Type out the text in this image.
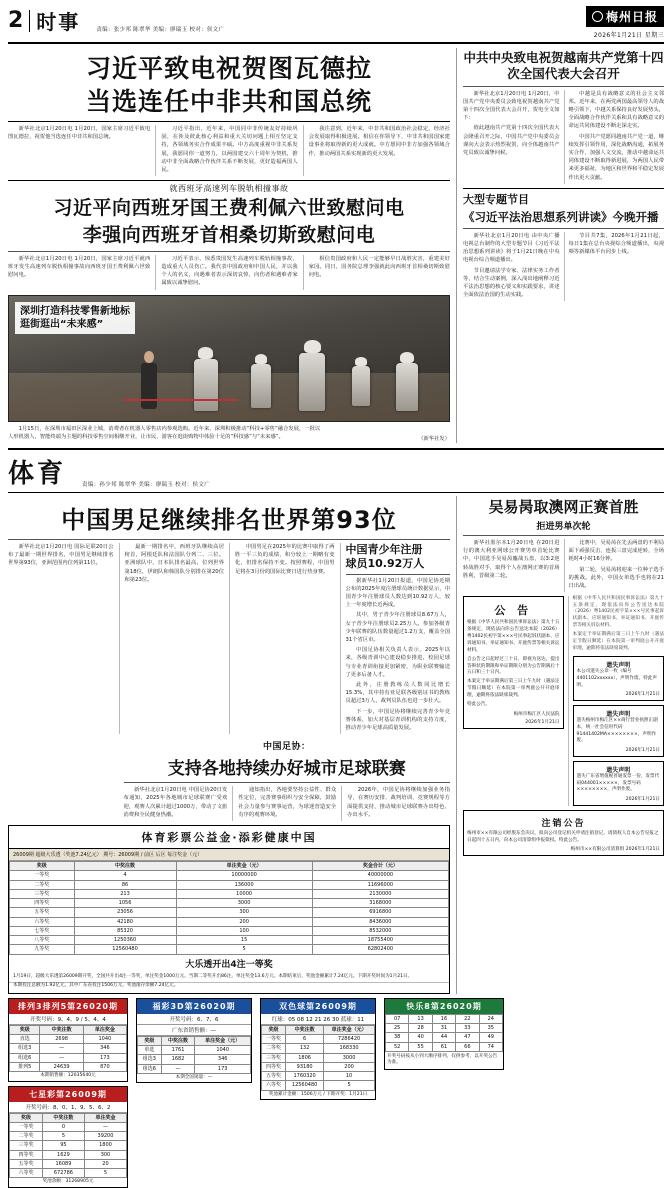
2 时事	责编：张少邦 陈翠华 美编：廖瑞玉 校对：侯文广
梅州日报
2026年1月21日 星期三
习近平致电祝贺图瓦德拉
当选连任中非共和国总统

新华社北京1月20日电 1月20日，国家主席习近平致电图瓦德拉，祝贺他当选连任中非共和国总统。

习近平指出，近年来，中国同中非传统友好持续巩固，在涉及彼此核心利益和重大关切问题上相互坚定支持，各领域务实合作成果丰硕。中方高度重视中非关系发展，我愿同你一道努力，以两国建交六十周年为契机，推动中非全面战略合作伙伴关系不断发展，更好造福两国人民。

我注意到，近年来，中非共和国政治社会稳定，经济社会发展取得积极进展。相信在你领导下，中非共和国国家建设事业将取得新的更大成就。中方愿同中非方加强各领域合作，推动两国关系实现新的更大发展。

就西班牙高速列车脱轨相撞事故
习近平向西班牙国王费利佩六世致慰问电
李强向西班牙首相桑切斯致慰问电

新华社北京1月20日电 1月20日，国家主席习近平就西班牙发生高速列车脱轨相撞事故向西班牙国王费利佩六世致慰问电。

习近平表示，惊悉贵国发生高速列车脱轨相撞事故，造成重大人员伤亡。我代表中国政府和中国人民，并以我个人的名义，向遇难者表示深切哀悼，向伤者和遇难者家属致以诚挚慰问。

相信贵国政府和人民一定能够早日战胜灾害，重建美好家园。同日，国务院总理李强就此向西班牙首相桑切斯致慰问电。

深圳打造科技零售新地标
逛街逛出“未来感”

1月15日，在深圳市福田区深业上城，消费者在机器人零售店内参观选购。近年来，深圳积极推动“科技+零售”融合发展，一批以人形机器人、智能终端为主题的科技零售空间相继开业，让市民、游客在逛街购物中体验十足的“科技感”与“未来感”。	（新华社发）
中共中央致电祝贺越南共产党第十四次全国代表大会召开

新华社北京1月20日电 1月20日，中国共产党中央委员会致电祝贺越南共产党第十四次全国代表大会召开，贺电全文如下：

值此越南共产党第十四次全国代表大会隆重召开之际，中国共产党中央委员会谨向大会表示热烈祝贺，向全体越南共产党员致以诚挚问候。

中越是具有战略意义的社会主义邻邦。近年来，在两党两国最高领导人的战略引领下，中越关系保持良好发展势头，全面战略合作伙伴关系和具有战略意义的命运共同体建设不断走深走实。

中国共产党愿同越南共产党一道，继续发挥引领作用，深化战略沟通，拓展务实合作，加强人文交流，推动中越命运共同体建设不断取得新进展，为两国人民带来更多福祉，为地区和世界和平稳定发展作出更大贡献。

大型专题节目
《习近平法治思想系列讲读》今晚开播

新华社北京1月20日电 由中央广播电视总台制作的大型专题节目《习近平法治思想系列讲读》将于1月21日晚在中央电视台综合频道播出。

节目邀请法学专家、法律实务工作者等，结合生动案例，深入浅出地阐释习近平法治思想的核心要义和实践要求，讲述全面依法治国的生动实践。

节目共7集，2026年1月21日起，每日1集在总台央视综合频道播出，央视频等新媒体平台同步上线。

体育	责编：孙少邦 陈翠华 美编：廖瑞玉 校对：侯文广
中国男足继续排名世界第93位

新华社北京1月20日电 国际足联20日公布了最新一期世界排名，中国男足继续排名世界第93位，亚洲范围内位列第11位。

最新一期排名中，西班牙队继续高居榜首，阿根廷队和法国队分列二、三位。亚洲球队中，日本队排名最高，位列世界第18位，伊朗队和韩国队分别排在第20位和第23位。

中国男足在2025年的比赛中取得了两胜一平三负的成绩，积分较上一期略有变化，但排名保持不变。按照赛程，中国男足将在3月份的国际比赛日进行热身赛。

中国青少年注册
球员10.92万人

据新华社1月20日报道，中国足协近期公布的2025年度注册球员统计数据显示，中国青少年注册球员人数达到10.92万人，较上一年度增长近两成。

其中，男子青少年注册球员8.67万人，女子青少年注册球员2.25万人。参加各级青少年联赛的队伍数量超过1.2万支，覆盖全国31个省区市。

中国足协相关负责人表示，2025年以来，各级青训中心建设稳步推进，校园足球与专业青训衔接更加紧密，为职业联赛输送了更多后备人才。

此外，注册教练员人数同比增长15.3%，其中持有亚足联各级别证书的教练员超过3万人，裁判员队伍也进一步壮大。

下一步，中国足协将继续完善青少年竞赛体系，加大对基层青训机构的支持力度，推动青少年足球高质量发展。

中国足协：
支持各地持续办好城市足球联赛

新华社北京1月20日电 中国足协20日发布通知，2025年各地城市足球联赛广受欢迎，观赛人次累计超过1000万，带动了文旅消费和全民健身热潮。

通知指出，各地要坚持公益性、群众性定位，完善赛事组织与安全保障，鼓励社会力量参与赛事运营，为球迷营造安全有序的观赛环境。

2026年，中国足协将继续加强业务指导，在赛历安排、裁判培训、竞赛规程等方面提供支持，推动城市足球联赛办出特色、办出水平。

体育彩票公益金·添彩健康中国
26009期 超级大乐透（奖池7.24亿元） 期号：26009期 / 前区 后区 每注奖金（元）
奖级	中奖注数	单注奖金（元）	奖金合计（元）
一等奖	4	10000000	40000000
二等奖	86	136000	11696000
三等奖	213	10000	2130000
四等奖	1056	3000	3168000
五等奖	23056	300	6916800
六等奖	42180	200	8436000
七等奖	85320	100	8532000
八等奖	1250360	15	18755400
九等奖	12560480	5	62802400
大乐透开出4注一等奖
1月19日，超级大乐透第26009期开奖，全国共开出4注一等奖，单注奖金1000万元。当期二等奖开出86注，单注奖金13.6万元。本期结束后，奖池金额累计7.24亿元。下期开奖时间为1月21日。
本期投注总额为1.92亿元，其中广东省投注1506万元。奖池滚存余额7.24亿元。
吴易昺取澳网正赛首胜
拒进男单次轮

新华社墨尔本1月20日电 在20日进行的澳大利亚网球公开赛男单首轮比赛中，中国选手吴易昺鏖战五盘，以3:2逆转战胜对手，取得个人在澳网正赛的首场胜利，晋级第二轮。

比赛中，吴易昺在先丢两盘的不利局面下顽强反击，连扳三盘完成逆转，全场耗时4小时16分钟。

第二轮，吴易昺将迎来一位种子选手的挑战。此外，中国女单选手也将在21日出战。

公 告

根据《中华人民共和国民事诉讼法》第九十五条规定，现依法向你公告送达本院（2026）粤1402民初字第×××号民事起诉状副本、应诉通知书、举证通知书、开庭传票等相关诉讼材料。

自公告之日起经过三十日，即视为送达。提出答辩状的期限和举证期限分别为公告期满后十五日和三十日内。

本案定于举证期满后第三日上午九时（遇法定节假日顺延）在本院第一审判庭公开开庭审理，逾期将依法缺席裁判。

特此公告。

梅州市梅江区人民法院
2026年1月21日

根据《中华人民共和国民事诉讼法》第九十五条规定，现依法向你公告送达本院（2026）粤1402民初字第×××号民事起诉状副本、应诉通知书、举证通知书、开庭传票等相关诉讼材料。

本案定于举证期满后第三日上午九时（遇法定节假日顺延）在本院第一审判庭公开开庭审理，逾期将依法缺席裁判。

遗失声明
本公司遗失公章一枚（编号4401102xxxxxx），声明作废。特此声明。
2026年1月21日
遗失声明
遗失梅州市梅江区××商行营业执照正副本，统一社会信用代码91441402MA××××××××，声明作废。
2026年1月21日
遗失声明
遗失广东省增值税普通发票一份，发票代码044001×××××，发票号码××××××××，声明作废。
2026年1月21日
注销公告
梅州市××有限公司经股东会决议，拟向公司登记机关申请注销登记，请债权人自本公告见报之日起四十五日内，向本公司清算组申报债权。特此公告。
梅州市××有限公司清算组 2026年1月21日
排列3排列5第26020期
开奖号码：9、4、9 / 5、4、4
奖级	中奖注数	单注奖金
直选	2698	1040
组选3	—	346
组选6	—	173
排列5	24639	870
本期销售额：12035640元
七星彩第26009期
开奖号码：8、0、1、9、5、6、2
奖级	中奖注数	单注奖金
一等奖	0	—
二等奖	5	39200
三等奖	95	1800
四等奖	1629	300
五等奖	16089	20
六等奖	672786	5
奖池余额：31268905元
福彩3D第26020期
开奖号码：6、7、6
广东省销售额：—
奖级	中奖注数	单注奖金（元）
单选	1761	1040
组选3	1682	346
组选6	—	173
本期全国销量：—
双色球第26009期
红球：05 08 12 21 26 30 蓝球：11
奖级	中奖注数	单注奖金（元）
一等奖	6	7286420
二等奖	132	168330
三等奖	1806	3000
四等奖	93180	200
五等奖	1760320	10
六等奖	12560480	5
奖池累计金额：1506万元 / 下期开奖：1月21日
快乐8第26020期
07	13	16	22	24
25	28	31	33	35
38	40	44	47	49
52	55	61	66	74
开奖号码按从小到大顺序排列，仅供参考，以开奖公告为准。
